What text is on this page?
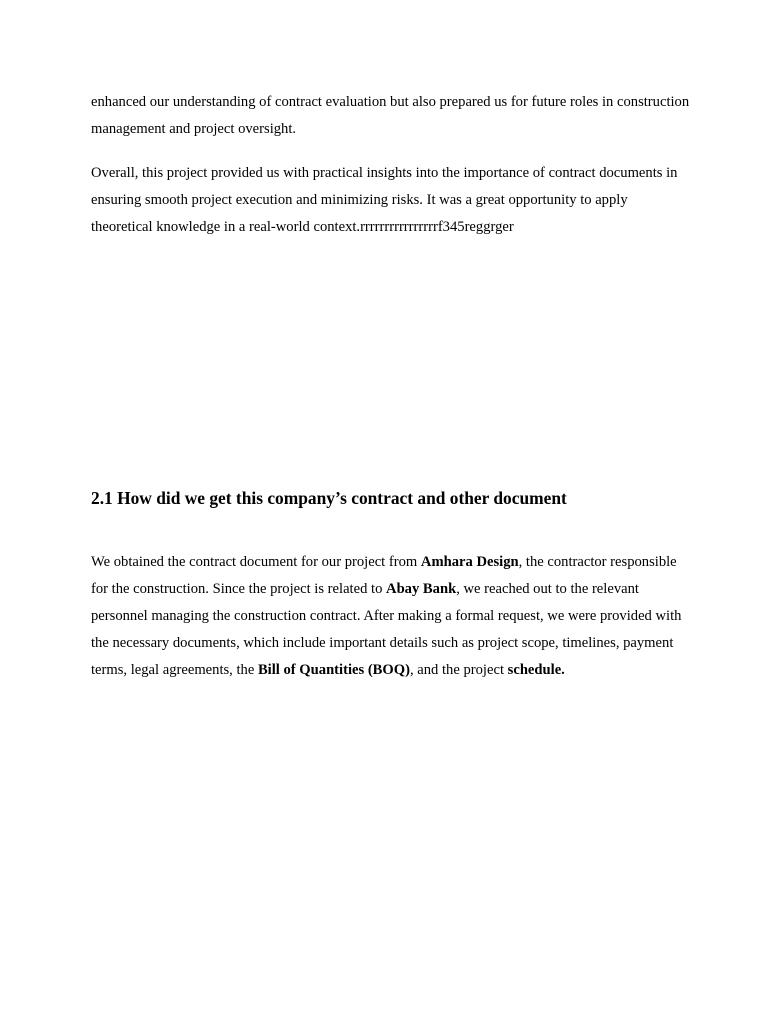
enhanced our understanding of contract evaluation but also prepared us for future roles in construction management and project oversight.

Overall, this project provided us with practical insights into the importance of contract documents in ensuring smooth project execution and minimizing risks. It was a great opportunity to apply theoretical knowledge in a real-world context.rrrrrrrrrrrrrrrrf345reggrger

2.1 How did we get this company’s contract and other document

We obtained the contract document for our project from Amhara Design, the contractor responsible for the construction. Since the project is related to Abay Bank, we reached out to the relevant personnel managing the construction contract. After making a formal request, we were provided with the necessary documents, which include important details such as project scope, timelines, payment terms, legal agreements, the Bill of Quantities (BOQ), and the project schedule.
